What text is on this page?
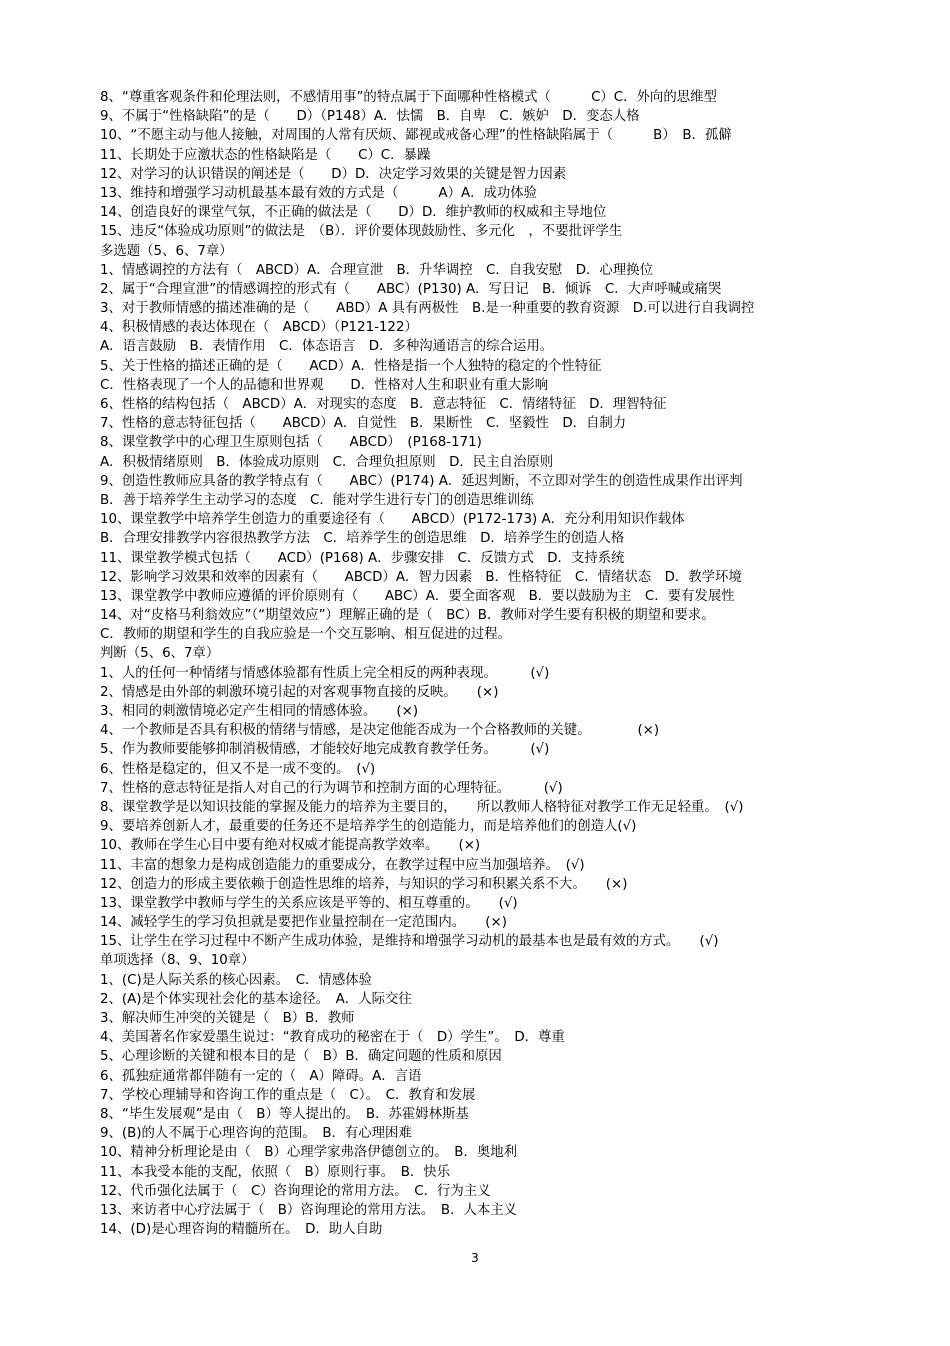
8、“尊重客观条件和伦理法则，不感情用事”的特点属于下面哪种性格模式（　　　C）C．外向的思维型
9、不属于“性格缺陷”的是（　　D）（P148）A．怯懦　B．自卑　C．嫉妒　D．变态人格
10、“不愿主动与他人接触，对周围的人常有厌烦、鄙视或戒备心理”的性格缺陷属于（　　　B）　B．孤僻
11、长期处于应激状态的性格缺陷是（　　C）C．暴躁
12、对学习的认识错误的阐述是（　　D）D．决定学习效果的关键是智力因素
13、维持和增强学习动机最基本最有效的方式是（　　　A）A．成功体验
14、创造良好的课堂气氛，不正确的做法是（　　D）D．维护教师的权威和主导地位
15、违反“体验成功原则”的做法是　（B）．评价要体现鼓励性、多元化　，不要批评学生
多选题（5、6、7章）
1、情感调控的方法有（　ABCD）A．合理宣泄　B．升华调控　C．自我安慰　D．心理换位
2、属于“合理宣泄”的情感调控的形式有（　　ABC）(P130) A．写日记　B．倾诉　C．大声呼喊或痛哭
3、对于教师情感的描述准确的是（　　ABD）A 具有两极性　B.是一种重要的教育资源　D.可以进行自我调控
4、积极情感的表达体现在（　ABCD）（P121-122）
A．语言鼓励　B．表情作用　C．体态语言　D．多种沟通语言的综合运用。
5、关于性格的描述正确的是（　　ACD）A．性格是指一个人独特的稳定的个性特征
C．性格表现了一个人的品德和世界观　　D．性格对人生和职业有重大影响
6、性格的结构包括（　ABCD）A．对现实的态度　B．意志特征　C．情绪特征　D．理智特征
7、性格的意志特征包括（　　ABCD）A．自觉性　B．果断性　C．坚毅性　D．自制力
8、课堂教学中的心理卫生原则包括（　　ABCD）　(P168-171)
A．积极情绪原则　B．体验成功原则　C．合理负担原则　D．民主自治原则
9、创造性教师应具备的教学特点有（　　ABC）(P174) A．延迟判断，不立即对学生的创造性成果作出评判
B．善于培养学生主动学习的态度　C．能对学生进行专门的创造思维训练
10、课堂教学中培养学生创造力的重要途径有（　　ABCD）(P172-173) A．充分利用知识作载体
B．合理安排教学内容很热教学方法　C．培养学生的创造思维　D．培养学生的创造人格
11、课堂教学模式包括（　　ACD）(P168) A．步骤安排　C．反馈方式　D．支持系统
12、影响学习效果和效率的因素有（　　ABCD）A．智力因素　B．性格特征　C．情绪状态　D．教学环境
13、课堂教学中教师应遵循的评价原则有（　　ABC）A．要全面客观　B．要以鼓励为主　C．要有发展性
14、对“皮格马利翁效应”（“期望效应”）理解正确的是（　BC）B．教师对学生要有积极的期望和要求。
C．教师的期望和学生的自我应验是一个交互影响、相互促进的过程。
判断（5、6、7章）
1、人的任何一种情绪与情感体验都有性质上完全相反的两种表现。　　　(√)
2、情感是由外部的刺激环境引起的对客观事物直接的反映。　　(×)
3、相同的刺激情境必定产生相同的情感体验。　　(×)
4、一个教师是否具有积极的情绪与情感，是决定他能否成为一个合格教师的关键。　　　　(×)
5、作为教师要能够抑制消极情感，才能较好地完成教育教学任务。　　　(√)
6、性格是稳定的，但又不是一成不变的。　(√)
7、性格的意志特征是指人对自己的行为调节和控制方面的心理特征。　　　(√)
8、课堂教学是以知识技能的掌握及能力的培养为主要目的，　　所以教师人格特征对教学工作无足轻重。　(√)
9、要培养创新人才，最重要的任务还不是培养学生的创造能力，而是培养他们的创造人(√)
10、教师在学生心目中要有绝对权威才能提高教学效率。　　(×)
11、丰富的想象力是构成创造能力的重要成分，在教学过程中应当加强培养。　(√)
12、创造力的形成主要依赖于创造性思维的培养，与知识的学习和积累关系不大。　　(×)
13、课堂教学中教师与学生的关系应该是平等的、相互尊重的。　　(√)
14、减轻学生的学习负担就是要把作业量控制在一定范围内。　　(×)
15、让学生在学习过程中不断产生成功体验，是维持和增强学习动机的最基本也是最有效的方式。　　(√)
单项选择（8、9、10章）
1、(C)是人际关系的核心因素。　C．情感体验
2、(A)是个体实现社会化的基本途径。　A．人际交往
3、解决师生冲突的关键是（　B）B．教师
4、美国著名作家爱墨生说过：“教育成功的秘密在于（　D）学生”。　D．尊重
5、心理诊断的关键和根本目的是（　B）B．确定问题的性质和原因
6、孤独症通常都伴随有一定的（　A）障碍。A．言语
7、学校心理辅导和咨询工作的重点是（　C）。　C．教育和发展
8、“毕生发展观”是由（　B）等人提出的。　B．苏霍姆林斯基
9、(B)的人不属于心理咨询的范围。　B．有心理困难
10、精神分析理论是由（　B）心理学家弗洛伊德创立的。　B．奥地利
11、本我受本能的支配，依照（　B）原则行事。　B．快乐
12、代币强化法属于（　C）咨询理论的常用方法。　C．行为主义
13、来访者中心疗法属于（　B）咨询理论的常用方法。　B．人本主义
14、(D)是心理咨询的精髓所在。　D．助人自助
3
